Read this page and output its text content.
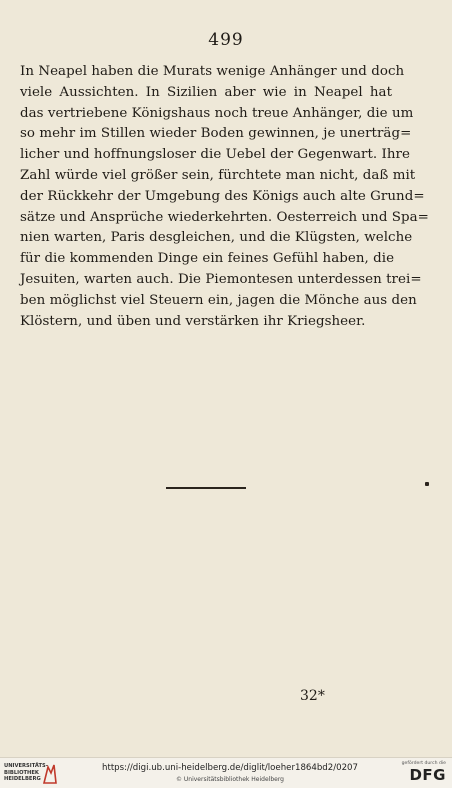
499
In Neapel haben die Murats wenige Anhänger und doch
viele Aussichten. In Sizilien aber wie in Neapel hat
das vertriebene Königshaus noch treue Anhänger, die um
so mehr im Stillen wieder Boden gewinnen, je unerträg=
licher und hoffnungsloser die Uebel der Gegenwart. Ihre
Zahl würde viel größer sein, fürchtete man nicht, daß mit
der Rückkehr der Umgebung des Königs auch alte Grund=
sätze und Ansprüche wiederkehrten. Oesterreich und Spa=
nien warten, Paris desgleichen, und die Klügsten, welche
für die kommenden Dinge ein feines Gefühl haben, die
Jesuiten, warten auch. Die Piemontesen unterdessen trei=
ben möglichst viel Steuern ein, jagen die Mönche aus den
Klöstern, und üben und verstärken ihr Kriegsheer.
32*
UNIVERSITÄTS-
BIBLIOTHEK
HEIDELBERG
https://digi.ub.uni-heidelberg.de/diglit/loeher1864bd2/0207
© Universitätsbibliothek Heidelberg
gefördert durch die
DFG
